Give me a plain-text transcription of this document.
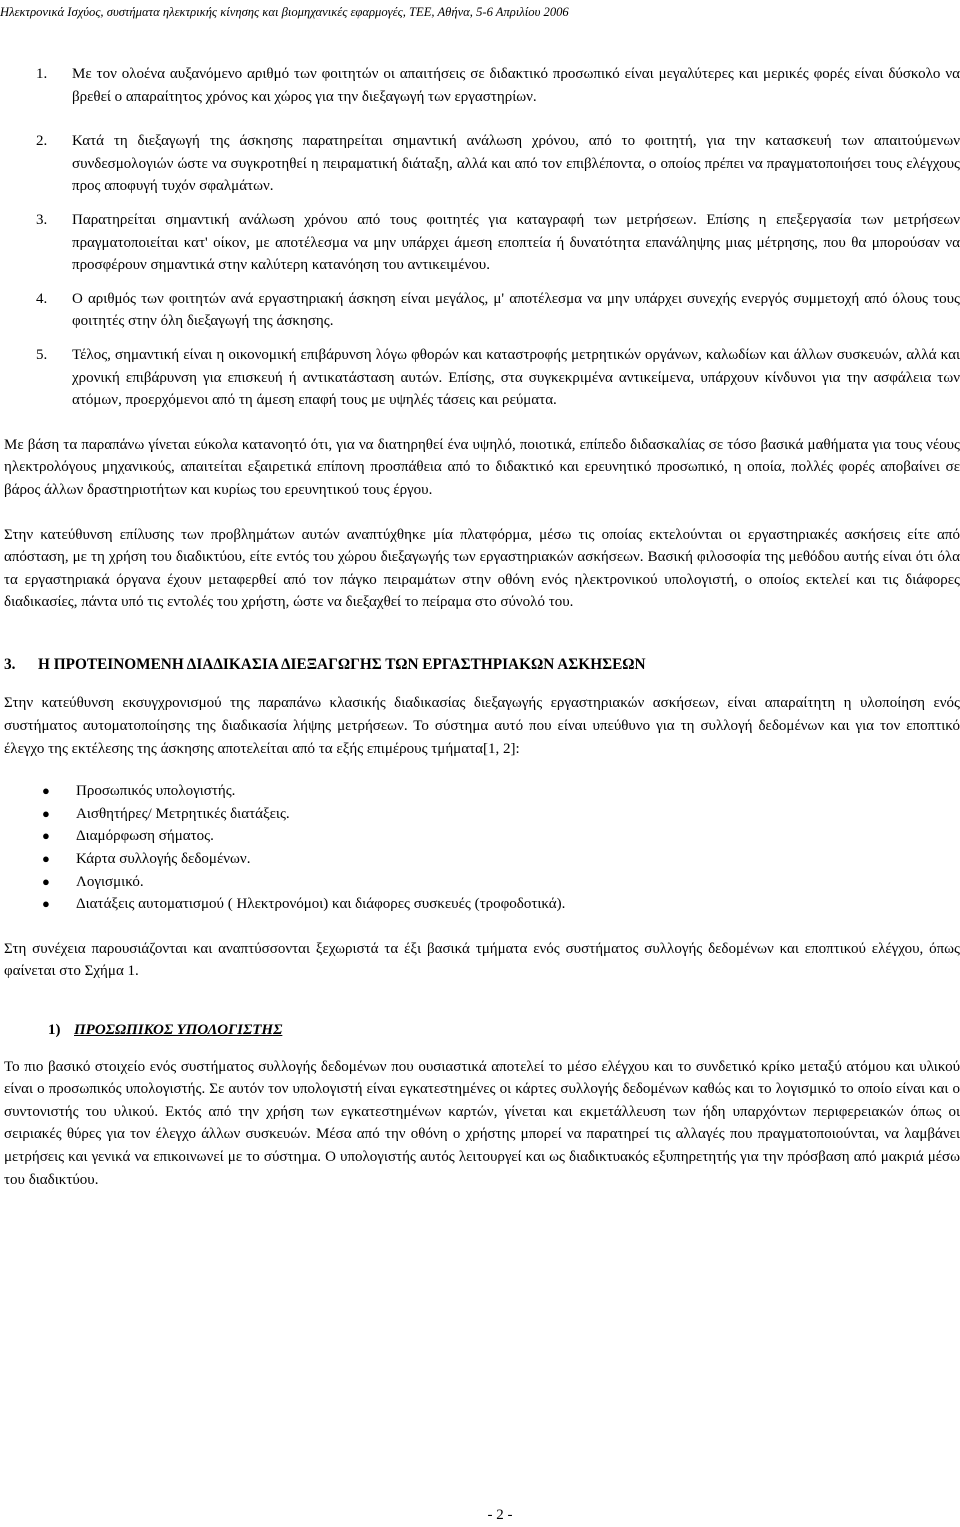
Ηλεκτρονικά Ισχύος, συστήματα ηλεκτρικής κίνησης και βιομηχανικές εφαρμογές, ΤΕΕ, Αθήνα, 5-6 Απριλίου 2006
1.	Με τον ολοένα αυξανόμενο αριθμό των φοιτητών οι απαιτήσεις σε διδακτικό προσωπικό είναι μεγαλύτερες και μερικές φορές είναι δύσκολο να βρεθεί ο απαραίτητος χρόνος και χώρος για την διεξαγωγή των εργαστηρίων.
2.	Κατά τη διεξαγωγή της άσκησης παρατηρείται σημαντική ανάλωση χρόνου, από το φοιτητή, για την κατασκευή των απαιτούμενων συνδεσμολογιών ώστε να συγκροτηθεί η πειραματική διάταξη, αλλά και από τον επιβλέποντα, ο οποίος πρέπει να πραγματοποιήσει τους ελέγχους προς αποφυγή τυχόν σφαλμάτων.
3.	Παρατηρείται σημαντική ανάλωση χρόνου από τους φοιτητές για καταγραφή των μετρήσεων. Επίσης η επεξεργασία των μετρήσεων πραγματοποιείται κατ' οίκον, με αποτέλεσμα να μην υπάρχει άμεση εποπτεία ή δυνατότητα επανάληψης μιας μέτρησης, που θα μπορούσαν να προσφέρουν σημαντικά στην καλύτερη κατανόηση του αντικειμένου.
4.	Ο αριθμός των φοιτητών ανά εργαστηριακή άσκηση είναι μεγάλος, μ' αποτέλεσμα να μην υπάρχει συνεχής ενεργός συμμετοχή από όλους τους φοιτητές στην όλη διεξαγωγή της άσκησης.
5.	Τέλος, σημαντική είναι η οικονομική επιβάρυνση λόγω φθορών και καταστροφής μετρητικών οργάνων, καλωδίων και άλλων συσκευών, αλλά και χρονική επιβάρυνση για επισκευή ή αντικατάσταση αυτών. Επίσης, στα συγκεκριμένα αντικείμενα, υπάρχουν κίνδυνοι για την ασφάλεια των ατόμων, προερχόμενοι από τη άμεση επαφή τους με υψηλές τάσεις και ρεύματα.

Με βάση τα παραπάνω γίνεται εύκολα κατανοητό ότι, για να διατηρηθεί ένα υψηλό, ποιοτικά, επίπεδο διδασκαλίας σε τόσο βασικά μαθήματα για τους νέους ηλεκτρολόγους μηχανικούς, απαιτείται εξαιρετικά επίπονη προσπάθεια από το διδακτικό και ερευνητικό προσωπικό, η οποία, πολλές φορές αποβαίνει σε βάρος άλλων δραστηριοτήτων και κυρίως του ερευνητικού τους έργου.

Στην κατεύθυνση επίλυσης των προβλημάτων αυτών αναπτύχθηκε μία πλατφόρμα, μέσω τις οποίας εκτελούνται οι εργαστηριακές ασκήσεις είτε από απόσταση, με τη χρήση του διαδικτύου, είτε εντός του χώρου διεξαγωγής των εργαστηριακών ασκήσεων. Βασική φιλοσοφία της μεθόδου αυτής είναι ότι όλα τα εργαστηριακά όργανα έχουν μεταφερθεί από τον πάγκο πειραμάτων στην οθόνη ενός ηλεκτρονικού υπολογιστή, ο οποίος εκτελεί και τις διάφορες διαδικασίες, πάντα υπό τις εντολές του χρήστη, ώστε να διεξαχθεί το πείραμα στο σύνολό του.

3. Η ΠΡΟΤΕΙΝΟΜΕΝΗ ΔΙΑΔΙΚΑΣΙΑ ΔΙΕΞΑΓΩΓΗΣ ΤΩΝ ΕΡΓΑΣΤΗΡΙΑΚΩΝ ΑΣΚΗΣΕΩΝ

Στην κατεύθυνση εκσυγχρονισμού της παραπάνω κλασικής διαδικασίας διεξαγωγής εργαστηριακών ασκήσεων, είναι απαραίτητη η υλοποίηση ενός συστήματος αυτοματοποίησης της διαδικασία λήψης μετρήσεων. Το σύστημα αυτό που είναι υπεύθυνο για τη συλλογή δεδομένων και για τον εποπτικό έλεγχο της εκτέλεσης της άσκησης αποτελείται από τα εξής επιμέρους τμήματα[1, 2]:

●	Προσωπικός υπολογιστής.
●	Αισθητήρες/ Μετρητικές διατάξεις.
●	Διαμόρφωση σήματος.
●	Κάρτα συλλογής δεδομένων.
●	Λογισμικό.
●	Διατάξεις αυτοματισμού ( Ηλεκτρονόμοι) και διάφορες συσκευές (τροφοδοτικά).

Στη συνέχεια παρουσιάζονται και αναπτύσσονται ξεχωριστά τα έξι βασικά τμήματα ενός συστήματος συλλογής δεδομένων και εποπτικού ελέγχου, όπως φαίνεται στο Σχήμα 1.

1) ΠΡΟΣΩΠΙΚΟΣ ΥΠΟΛΟΓΙΣΤΗΣ

Το πιο βασικό στοιχείο ενός συστήματος συλλογής δεδομένων που ουσιαστικά αποτελεί το μέσο ελέγχου και το συνδετικό κρίκο μεταξύ ατόμου και υλικού είναι ο προσωπικός υπολογιστής. Σε αυτόν τον υπολογιστή είναι εγκατεστημένες οι κάρτες συλλογής δεδομένων καθώς και το λογισμικό το οποίο είναι και ο συντονιστής του υλικού. Εκτός από την χρήση των εγκατεστημένων καρτών, γίνεται και εκμετάλλευση των ήδη υπαρχόντων περιφερειακών όπως οι σειριακές θύρες για τον έλεγχο άλλων συσκευών. Μέσα από την οθόνη ο χρήστης μπορεί να παρατηρεί τις αλλαγές που πραγματοποιούνται, να λαμβάνει μετρήσεις και γενικά να επικοινωνεί με το σύστημα. Ο υπολογιστής αυτός λειτουργεί και ως διαδικτυακός εξυπηρετητής για την πρόσβαση από μακριά μέσω του διαδικτύου.

- 2 -
